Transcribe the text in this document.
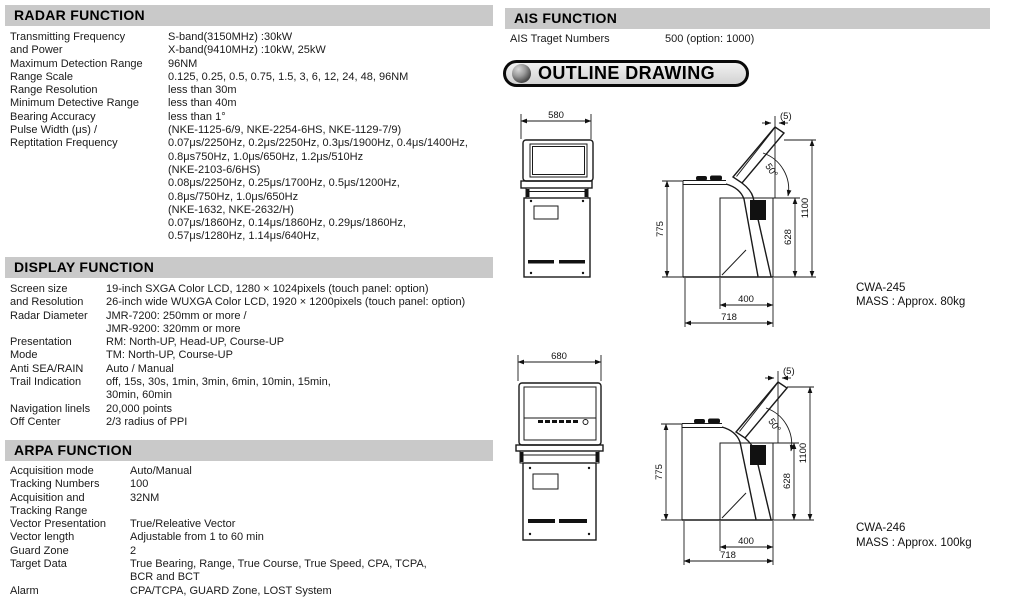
RADAR FUNCTION
Transmitting Frequency	S-band(3150MHz) :30kW
and Power	X-band(9410MHz) :10kW, 25kW
Maximum Detection Range	96NM
Range Scale	0.125, 0.25, 0.5, 0.75, 1.5, 3, 6, 12, 24, 48, 96NM
Range Resolution	less than 30m
Minimum Detective Range	less than 40m
Bearing Accuracy	less than 1°
Pulse Width (μs) /	(NKE-1125-6/9, NKE-2254-6HS, NKE-1129-7/9)
Reptitation Frequency	0.07μs/2250Hz, 0.2μs/2250Hz, 0.3μs/1900Hz, 0.4μs/1400Hz,
0.8μs750Hz, 1.0μs/650Hz, 1.2μs/510Hz
(NKE-2103-6/6HS)
0.08μs/2250Hz, 0.25μs/1700Hz, 0.5μs/1200Hz,
0.8μs/750Hz, 1.0μs/650Hz
(NKE-1632, NKE-2632/H)
0.07μs/1860Hz, 0.14μs/1860Hz, 0.29μs/1860Hz,
0.57μs/1280Hz, 1.14μs/640Hz,
DISPLAY FUNCTION
Screen size	19-inch SXGA Color LCD, 1280 × 1024pixels (touch panel: option)
and Resolution	26-inch wide WUXGA Color LCD, 1920 × 1200pixels (touch panel: option)
Radar Diameter	JMR-7200: 250mm or more /
JMR-9200: 320mm or more
Presentation	RM: North-UP, Head-UP, Course-UP
Mode	TM: North-UP, Course-UP
Anti SEA/RAIN	Auto / Manual
Trail Indication	off, 15s, 30s, 1min, 3min, 6min, 10min, 15min,
30min, 60min
Navigation linels	20,000 points
Off Center	2/3 radius of PPI
ARPA FUNCTION
Acquisition mode	Auto/Manual
Tracking Numbers	100
Acquisition and	32NM
Tracking Range
Vector Presentation	True/Releative Vector
Vector length	Adjustable from 1 to 60 min
Guard Zone	2
Target Data	True Bearing, Range, True Course, True Speed, CPA, TCPA,
BCR and BCT
Alarm	CPA/TCPA, GUARD Zone, LOST System
AIS FUNCTION
AIS Traget Numbers	500 (option: 1000)
OUTLINE DRAWING
580
50°
(5)
1100
628
775
400
718
CWA-245
MASS : Approx. 80kg
680
50°
(5)
1100
628
775
400
718
CWA-246
MASS : Approx. 100kg
